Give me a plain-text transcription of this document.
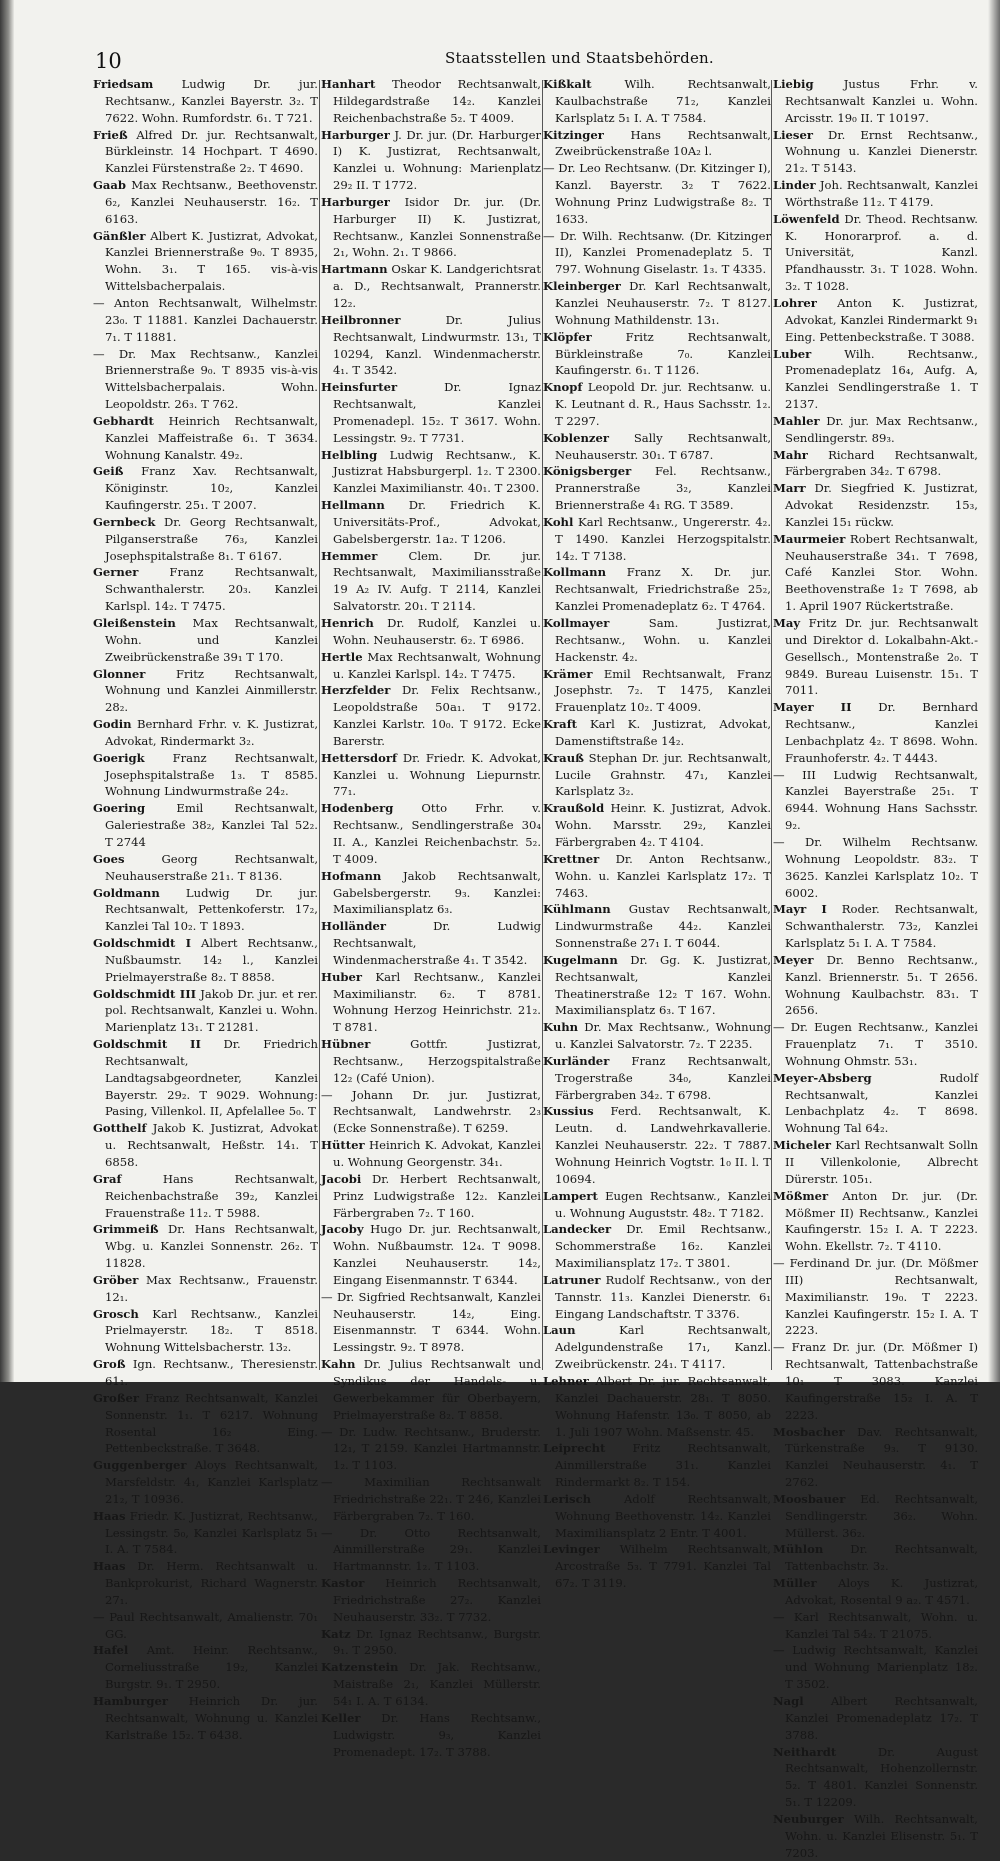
10	Staatsstellen und Staatsbehörden.

Friedsam Ludwig Dr. jur. Rechtsanw., Kanzlei Bayerstr. 3₂. T 7622. Wohn. Rumfordstr. 6₁. T 721.

Frieß Alfred Dr. jur. Rechtsanwalt, Bürkleinstr. 14 Hochpart. T 4690. Kanzlei Fürstenstraße 2₂. T 4690.

Gaab Max Rechtsanw., Beethovenstr. 6₂, Kanzlei Neuhauserstr. 16₂. T 6163.

Gänßler Albert K. Justizrat, Advokat, Kanzlei Briennerstraße 9₀. T 8935, Wohn. 3₁. T 165. vis-à-vis Wittelsbacherpalais.

— Anton Rechtsanwalt, Wilhelmstr. 23₀. T 11881. Kanzlei Dachauerstr. 7₁. T 11881.

— Dr. Max Rechtsanw., Kanzlei Briennerstraße 9₀. T 8935 vis-à-vis Wittelsbacherpalais. Wohn. Leopoldstr. 26₃. T 762.

Gebhardt Heinrich Rechtsanwalt, Kanzlei Maffeistraße 6₁. T 3634. Wohnung Kanalstr. 49₂.

Geiß Franz Xav. Rechtsanwalt, Königinstr. 10₂, Kanzlei Kaufingerstr. 25₁. T 2007.

Gernbeck Dr. Georg Rechtsanwalt, Pilganserstraße 76₃, Kanzlei Josephspitalstraße 8₁. T 6167.

Gerner	Franz Rechtsanwalt, Schwanthalerstr. 20₃. Kanzlei Karlspl. 14₂. T 7475.

Gleißenstein Max Rechtsanwalt, Wohn. und Kanzlei Zweibrückenstraße 39₁ T 170.

Glonner	Fritz Rechtsanwalt, Wohnung und Kanzlei Ainmillerstr. 28₂.

Godin Bernhard Frhr. v. K. Justizrat, Advokat, Rindermarkt 3₂.

Goerigk Franz Rechtsanwalt, Josephspitalstraße 1₃. T 8585. Wohnung Lindwurmstraße 24₂.

Goering	Emil Rechtsanwalt, Galeriestraße 38₂, Kanzlei Tal 52₂. T 2744

Goes	Georg Rechtsanwalt, Neuhauserstraße 21₁. T 8136.

Goldmann Ludwig Dr. jur. Rechtsanwalt, Pettenkoferstr. 17₂, Kanzlei Tal 10₂. T 1893.

Goldschmidt I Albert Rechtsanw., Nußbaumstr. 14₂ l., Kanzlei Prielmayerstraße 8₂. T 8858.

Goldschmidt III Jakob Dr. jur. et rer. pol. Rechtsanwalt, Kanzlei u. Wohn. Marienplatz 13₁. T 21281.

Goldschmit II Dr. Friedrich Rechtsanwalt, Landtagsabgeordneter, Kanzlei Bayerstr. 29₂. T 9029. Wohnung: Pasing, Villenkol. II, Apfelallee 5₀. T

Gotthelf Jakob K. Justizrat, Advokat u. Rechtsanwalt, Heßstr. 14₁. T 6858.

Graf	Hans Rechtsanwalt, Reichenbachstraße 39₂, Kanzlei Frauenstraße 11₂. T 5988.

Grimmeiß Dr. Hans Rechtsanwalt, Wbg. u. Kanzlei Sonnenstr. 26₂. T 11828.

Gröber Max Rechtsanw., Frauenstr. 12₁.

Grosch Karl Rechtsanw., Kanzlei Prielmayerstr. 18₂. T 8518. Wohnung Wittelsbacherstr. 13₂.

Groß Ign. Rechtsanw., Theresienstr. 61₁.

Großer Franz Rechtsanwalt, Kanzlei Sonnenstr. 1₁. T 6217. Wohnung Rosental 16₂ Eing. Pettenbeckstraße. T 3648.

Guggenberger Aloys Rechtsanwalt, Marsfeldstr. 4₁, Kanzlei Karlsplatz 21₂, T 10936.

Haas Friedr. K. Justizrat, Rechtsanw., Lessingstr. 5₀, Kanzlei Karlsplatz 5₁ I. A. T 7584.

Haas Dr. Herm. Rechtsanwalt u. Bankprokurist, Richard Wagnerstr. 27₁.

— Paul Rechtsanwalt, Amalienstr. 70₁ GG.

Hafel Amt. Heinr. Rechtsanw., Corneliusstraße 19₂, Kanzlei Burgstr. 9₁. T 2950.

Hamburger Heinrich Dr. jur. Rechtsanwalt, Wohnung u. Kanzlei Karlstraße 15₂. T 6438.

Hanhart Theodor Rechtsanwalt, Hildegardstraße 14₂. Kanzlei Reichenbachstraße 5₂. T 4009.

Harburger J. Dr. jur. (Dr. Harburger I) K. Justizrat, Rechtsanwalt, Kanzlei u. Wohnung: Marienplatz 29₂ II. T 1772.

Harburger Isidor Dr. jur. (Dr. Harburger II) K. Justizrat, Rechtsanw., Kanzlei Sonnenstraße 2₁, Wohn. 2₁. T 9866.

Hartmann Oskar K. Landgerichtsrat a. D., Rechtsanwalt, Prannerstr. 12₂.

Heilbronner	Dr. Julius Rechtsanwalt, Lindwurmstr. 13₁, T 10294, Kanzl. Windenmacherstr. 4₁. T 3542.

Heinsfurter	Dr. Ignaz Rechtsanwalt, Kanzlei Promenadepl. 15₂. T 3617. Wohn. Lessingstr. 9₂. T 7731.

Helbling Ludwig Rechtsanw., K. Justizrat Habsburgerpl. 1₂. T 2300. Kanzlei Maximilianstr. 40₁. T 2300.

Hellmann Dr. Friedrich K. Universitäts-Prof., Advokat, Gabelsbergerstr. 1a₂. T 1206.

Hemmer	Clem. Dr. jur. Rechtsanwalt, Maximiliansstraße 19 A₂ IV. Aufg. T 2114, Kanzlei Salvatorstr. 20₁. T 2114.

Henrich Dr. Rudolf, Kanzlei u. Wohn. Neuhauserstr. 6₂. T 6986.

Hertle Max Rechtsanwalt, Wohnung u. Kanzlei Karlspl. 14₂. T 7475.

Herzfelder Dr. Felix Rechtsanw., Leopoldstraße 50a₁. T 9172. Kanzlei Karlstr. 10₀. T 9172. Ecke Barerstr.

Hettersdorf Dr. Friedr. K. Advokat, Kanzlei u. Wohnung Liepurnstr. 77₁.

Hodenberg Otto Frhr. v. Rechtsanw., Sendlingerstraße 30₄ II. A., Kanzlei Reichenbachstr. 5₂. T 4009.

Hofmann Jakob Rechtsanwalt, Gabelsbergerstr. 9₃. Kanzlei: Maximiliansplatz 6₃.

Holländer	Dr. Ludwig Rechtsanwalt, Windenmacherstraße 4₁. T 3542.

Huber Karl Rechtsanw., Kanzlei Maximilianstr. 6₂. T 8781. Wohnung Herzog Heinrichstr. 21₂. T 8781.

Hübner	Gottfr. Justizrat, Rechtsanw., Herzogspitalstraße 12₂ (Café Union).

— Johann Dr. jur. Justizrat, Rechtsanwalt, Landwehrstr. 2₃ (Ecke Sonnenstraße). T 6259.

Hütter Heinrich K. Advokat, Kanzlei u. Wohnung Georgenstr. 34₁.

Jacobi Dr. Herbert Rechtsanwalt, Prinz Ludwigstraße 12₂. Kanzlei Färbergraben 7₂. T 160.

Jacoby Hugo Dr. jur. Rechtsanwalt, Wohn. Nußbaumstr. 12₄. T 9098. Kanzlei Neuhauserstr. 14₂, Eingang Eisenmannstr. T 6344.

— Dr. Sigfried Rechtsanwalt, Kanzlei Neuhauserstr. 14₂, Eing. Eisenmannstr. T 6344. Wohn. Lessingstr. 9₂. T 8978.

Kahn Dr. Julius Rechtsanwalt und Syndikus der Handels- u. Gewerbekammer für Oberbayern, Prielmayerstraße 8₂. T 8858.

— Dr. Ludw. Rechtsanw., Bruderstr. 12₁, T 2159. Kanzlei Hartmannstr. 1₂. T 1103.

— Maximilian Rechtsanwalt Friedrichstraße 22₁. T 246, Kanzlei Färbergraben 7₂. T 160.

— Dr. Otto Rechtsanwalt, Ainmillerstraße 29₁. Kanzlei Hartmannstr. 1₂. T 1103.

Kastor Heinrich Rechtsanwalt, Friedrichstraße 27₂. Kanzlei Neuhauserstr. 33₂. T 7732.

Katz Dr. Ignaz Rechtsanw., Burgstr. 9₁. T 2950.

Katzenstein Dr. Jak. Rechtsanw., Maistraße 2₁, Kanzlei Müllerstr. 54₁ I. A. T 6134.

Keller Dr. Hans Rechtsanw., Ludwigstr. 9₃, Kanzlei Promenadept. 17₂. T 3788.

Kißkalt	Wilh. Rechtsanwalt, Kaulbachstraße 71₂, Kanzlei Karlsplatz 5₁ I. A. T 7584.

Kitzinger Hans Rechtsanwalt, Zweibrückenstraße 10A₂ l.

— Dr. Leo Rechtsanw. (Dr. Kitzinger I), Kanzl. Bayerstr. 3₂ T 7622. Wohnung Prinz Ludwigstraße 8₂. T 1633.

— Dr. Wilh. Rechtsanw. (Dr. Kitzinger II), Kanzlei Promenadeplatz 5. T 797. Wohnung Giselastr. 1₃. T 4335.

Kleinberger Dr. Karl Rechtsanwalt, Kanzlei Neuhauserstr. 7₂. T 8127. Wohnung Mathildenstr. 13₁.

Klöpfer	Fritz Rechtsanwalt, Bürkleinstraße 7₀. Kanzlei Kaufingerstr. 6₁. T 1126.

Knopf Leopold Dr. jur. Rechtsanw. u. K. Leutnant d. R., Haus Sachsstr. 1₂. T 2297.

Koblenzer Sally Rechtsanwalt, Neuhauserstr. 30₁. T 6787.

Königsberger Fel. Rechtsanw., Prannerstraße 3₂, Kanzlei Briennerstraße 4₁ RG. T 3589.

Kohl Karl Rechtsanw., Ungererstr. 4₂. T 1490. Kanzlei Herzogspitalstr. 14₂. T 7138.

Kollmann Franz X. Dr. jur. Rechtsanwalt, Friedrichstraße 25₂, Kanzlei Promenadeplatz 6₂. T 4764.

Kollmayer	Sam. Justizrat, Rechtsanw., Wohn. u. Kanzlei Hackenstr. 4₂.

Krämer Emil Rechtsanwalt, Franz Josephstr. 7₂. T 1475, Kanzlei Frauenplatz 10₂. T 4009.

Kraft Karl K. Justizrat, Advokat, Damenstiftstraße 14₂.

Krauß Stephan Dr. jur. Rechtsanwalt, Lucile Grahnstr. 47₁, Kanzlei Karlsplatz 3₂.

Kraußold Heinr. K. Justizrat, Advok. Wohn. Marsstr. 29₂, Kanzlei Färbergraben 4₂. T 4104.

Krettner Dr. Anton Rechtsanw., Wohn. u. Kanzlei Karlsplatz 17₂. T 7463.

Kühlmann Gustav Rechtsanwalt, Lindwurmstraße 44₂. Kanzlei Sonnenstraße 27₁ I. T 6044.

Kugelmann Dr. Gg. K. Justizrat, Rechtsanwalt, Kanzlei Theatinerstraße 12₂ T 167. Wohn. Maximiliansplatz 6₃. T 167.

Kuhn Dr. Max Rechtsanw., Wohnung u. Kanzlei Salvatorstr. 7₂. T 2235.

Kurländer Franz Rechtsanwalt, Trogerstraße 34₀, Kanzlei Färbergraben 34₂. T 6798.

Kussius Ferd. Rechtsanwalt, K. Leutn. d. Landwehrkavallerie. Kanzlei Neuhauserstr. 22₂. T 7887. Wohnung Heinrich Vogtstr. 1₀ II. l. T 10694.

Lampert Eugen Rechtsanw., Kanzlei u. Wohnung Auguststr. 48₂. T 7182.

Landecker Dr. Emil Rechtsanw., Schommerstraße 16₂. Kanzlei Maximiliansplatz 17₂. T 3801.

Latruner Rudolf Rechtsanw., von der Tannstr. 11₃. Kanzlei Dienerstr. 6₁ Eingang Landschaftstr. T 3376.

Laun	Karl Rechtsanwalt, Adelgundenstraße 17₁, Kanzl. Zweibrückenstr. 24₁. T 4117.

Lehner Albert Dr. jur. Rechtsanwalt, Kanzlei Dachauerstr. 28₁. T 8050. Wohnung Hafenstr. 13₀. T 8050, ab 1. Juli 1907 Wohn. Maßsenstr. 45.

Leiprecht Fritz Rechtsanwalt, Ainmillerstraße 31₁. Kanzlei Rindermarkt 8₂. T 154.

Lerisch	Adolf Rechtsanwalt, Wohnung Beethovenstr. 14₂. Kanzlei Maximiliansplatz 2 Entr. T 4001.

Levinger Wilhelm Rechtsanwalt, Arcostraße 5₃. T 7791. Kanzlei Tal 67₂. T 3119.

Liebig	Justus Frhr. v. Rechtsanwalt Kanzlei u. Wohn. Arcisstr. 19₀ II. T 10197.

Lieser Dr. Ernst Rechtsanw., Wohnung u. Kanzlei Dienerstr. 21₂. T 5143.

Linder Joh. Rechtsanwalt, Kanzlei Wörthstraße 11₂. T 4179.

Löwenfeld Dr. Theod. Rechtsanw. K. Honorarprof. a. d. Universität, Kanzl. Pfandhausstr. 3₁. T 1028. Wohn. 3₂. T 1028.

Lohrer Anton K. Justizrat, Advokat, Kanzlei Rindermarkt 9₁ Eing. Pettenbeckstraße. T 3088.

Luber	Wilh. Rechtsanw., Promenadeplatz 16₄, Aufg. A, Kanzlei Sendlingerstraße 1. T 2137.

Mahler Dr. jur. Max Rechtsanw., Sendlingerstr. 89₃.

Mahr Richard Rechtsanwalt, Färbergraben 34₂. T 6798.

Marr Dr. Siegfried K. Justizrat, Advokat Residenzstr. 15₃, Kanzlei 15₁ rückw.

Maurmeier Robert Rechtsanwalt, Neuhauserstraße 34₁. T 7698, Café Kanzlei Stor. Wohn. Beethovenstraße 1₂ T 7698, ab 1. April 1907 Rückertstraße.

May Fritz Dr. jur. Rechtsanwalt und Direktor d. Lokalbahn-Akt.-Gesellsch., Montenstraße 2₀. T 9849. Bureau Luisenstr. 15₁. T 7011.

Mayer II Dr. Bernhard Rechtsanw., Kanzlei Lenbachplatz 4₂. T 8698. Wohn. Fraunhoferstr. 4₂. T 4443.

— III Ludwig Rechtsanwalt, Kanzlei Bayerstraße 25₁. T 6944. Wohnung Hans Sachsstr. 9₂.

— Dr. Wilhelm Rechtsanw. Wohnung Leopoldstr. 83₂. T 3625. Kanzlei Karlsplatz 10₂. T 6002.

Mayr I Roder. Rechtsanwalt, Schwanthalerstr. 73₂, Kanzlei Karlsplatz 5₁ I. A. T 7584.

Meyer Dr. Benno Rechtsanw., Kanzl. Briennerstr. 5₁. T 2656. Wohnung Kaulbachstr. 83₁. T 2656.

— Dr. Eugen Rechtsanw., Kanzlei Frauenplatz 7₁. T 3510. Wohnung Ohmstr. 53₁.

Meyer-Absberg	Rudolf Rechtsanwalt, Kanzlei Lenbachplatz 4₂. T 8698. Wohnung Tal 64₂.

Micheler Karl Rechtsanwalt Solln II Villenkolonie, Albrecht Dürerstr. 105₁.

Mößmer Anton Dr. jur. (Dr. Mößmer II) Rechtsanw., Kanzlei Kaufingerstr. 15₂ I. A. T 2223. Wohn. Ekellstr. 7₂. T 4110.

— Ferdinand Dr. jur. (Dr. Mößmer III) Rechtsanwalt, Maximilianstr. 19₀. T 2223. Kanzlei Kaufingerstr. 15₂ I. A. T 2223.

— Franz Dr. jur. (Dr. Mößmer I) Rechtsanwalt, Tattenbachstraße 10₁ T 3083. Kanzlei Kaufingerstraße 15₂ I. A. T 2223.

Mosbacher Dav. Rechtsanwalt, Türkenstraße 9₃. T 9130. Kanzlei Neuhauserstr. 4₁. T 2762.

Moosbauer Ed. Rechtsanwalt, Sendlingerstr. 36₂. Wohn. Müllerst. 36₂.

Mühlon Dr. Rechtsanwalt, Tattenbachstr. 3₂.

Müller Aloys K. Justizrat, Advokat, Rosental 9 a₂. T 4571.

— Karl Rechtsanwalt, Wohn. u. Kanzlei Tal 54₂. T 21075.

— Ludwig Rechtsanwalt, Kanzlei und Wohnung Marienplatz 18₂. T 3502.

Nagl Albert Rechtsanwalt, Kanzlei Promenadeplatz 17₂. T 3788.

Neithardt	Dr. August Rechtsanwalt, Hohenzollernstr. 5₂. T 4801. Kanzlei Sonnenstr. 5₁. T 12209.

Neuburger Wilh. Rechtsanwalt, Wohn. u. Kanzlei Elisenstr. 5₁. T 7203.
